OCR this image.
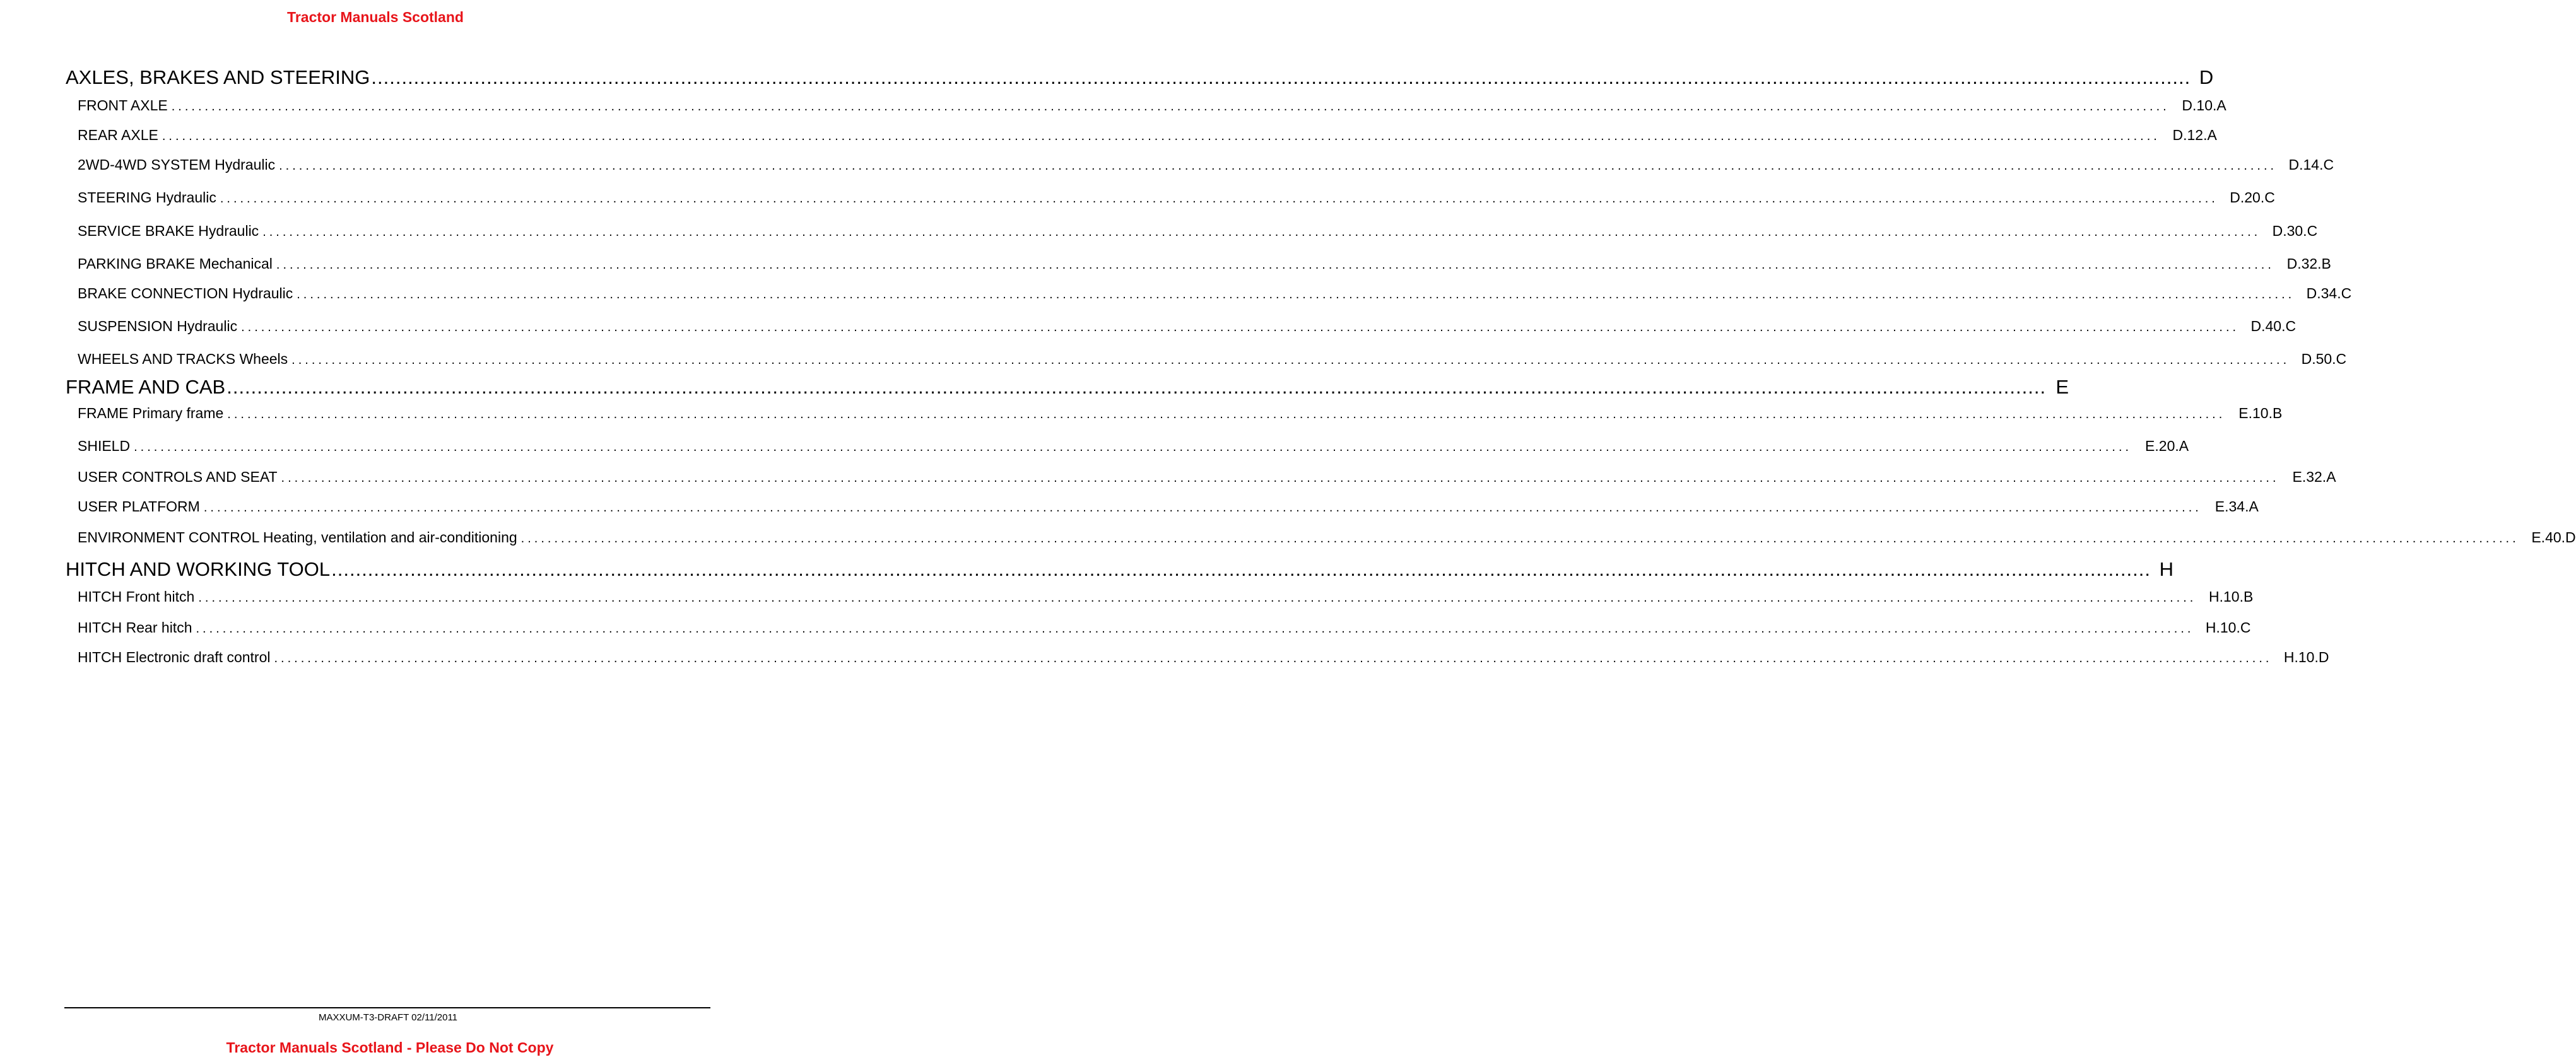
Tractor Manuals Scotland
AXLES, BRAKES AND STEERING ............................................................................................................................................................................................................................................................................................................ D
FRONT AXLE ............................................................................................................................................................................................................................................................................................................ D.10.A
REAR AXLE ............................................................................................................................................................................................................................................................................................................ D.12.A
2WD-4WD SYSTEM Hydraulic ............................................................................................................................................................................................................................................................................................................ D.14.C
STEERING Hydraulic ............................................................................................................................................................................................................................................................................................................ D.20.C
SERVICE BRAKE Hydraulic ............................................................................................................................................................................................................................................................................................................ D.30.C
PARKING BRAKE Mechanical ............................................................................................................................................................................................................................................................................................................ D.32.B
BRAKE CONNECTION Hydraulic ............................................................................................................................................................................................................................................................................................................ D.34.C
SUSPENSION Hydraulic ............................................................................................................................................................................................................................................................................................................ D.40.C
WHEELS AND TRACKS Wheels ............................................................................................................................................................................................................................................................................................................ D.50.C
FRAME AND CAB ............................................................................................................................................................................................................................................................................................................ E
FRAME Primary frame ............................................................................................................................................................................................................................................................................................................ E.10.B
SHIELD ............................................................................................................................................................................................................................................................................................................ E.20.A
USER CONTROLS AND SEAT ............................................................................................................................................................................................................................................................................................................ E.32.A
USER PLATFORM ............................................................................................................................................................................................................................................................................................................ E.34.A
ENVIRONMENT CONTROL Heating, ventilation and air-conditioning ............................................................................................................................................................................................................................................................................................................ E.40.D
HITCH AND WORKING TOOL ............................................................................................................................................................................................................................................................................................................ H
HITCH Front hitch ............................................................................................................................................................................................................................................................................................................ H.10.B
HITCH Rear hitch ............................................................................................................................................................................................................................................................................................................ H.10.C
HITCH Electronic draft control ............................................................................................................................................................................................................................................................................................................ H.10.D
MAXXUM-T3-DRAFT 02/11/2011
Tractor Manuals Scotland - Please Do Not Copy
